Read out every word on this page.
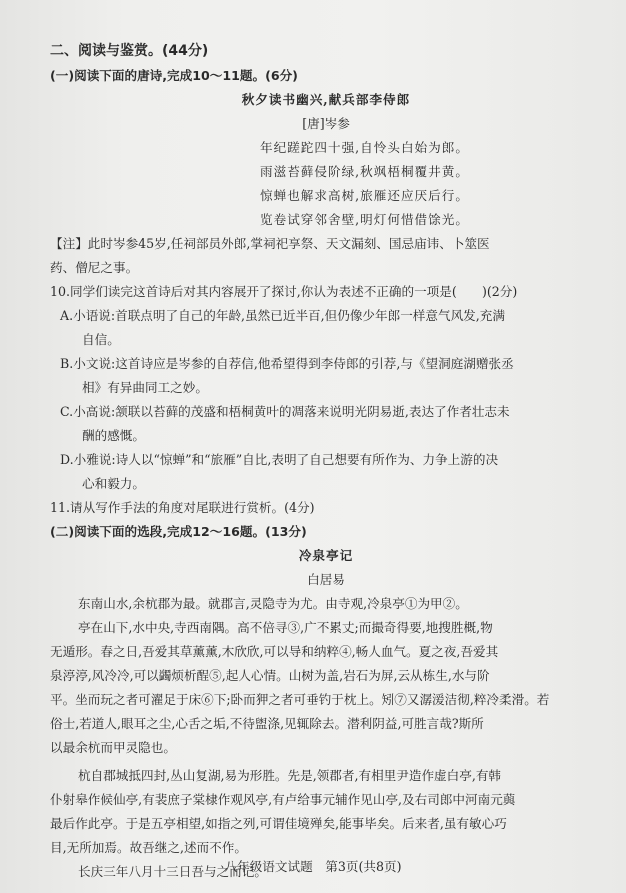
二、阅读与鉴赏。(44分)
(一)阅读下面的唐诗,完成10～11题。(6分)
秋夕读书幽兴,献兵部李侍郎
[唐]岑参
年纪蹉跎四十强,自怜头白始为郎。
雨滋苔藓侵阶绿,秋飒梧桐覆井黄。
惊蝉也解求高树,旅雁还应厌后行。
览卷试穿邻舍壁,明灯何惜借馀光。
【注】此时岑参45岁,任祠部员外郎,掌祠祀享祭、天文漏刻、国忌庙讳、卜筮医
药、僧尼之事。
10.同学们读完这首诗后对其内容展开了探讨,你认为表述不正确的一项是(　　)(2分)
A.小语说:首联点明了自己的年龄,虽然已近半百,但仍像少年郎一样意气风发,充满
自信。
B.小文说:这首诗应是岑参的自荐信,他希望得到李侍郎的引荐,与《望洞庭湖赠张丞
相》有异曲同工之妙。
C.小高说:颔联以苔藓的茂盛和梧桐黄叶的凋落来说明光阴易逝,表达了作者壮志未
酬的感慨。
D.小雅说:诗人以“惊蝉”和“旅雁”自比,表明了自己想要有所作为、力争上游的决
心和毅力。
11.请从写作手法的角度对尾联进行赏析。(4分)
(二)阅读下面的选段,完成12～16题。(13分)
冷泉亭记
白居易
东南山水,余杭郡为最。就郡言,灵隐寺为尤。由寺观,冷泉亭①为甲②。
亭在山下,水中央,寺西南隅。高不倍寻③,广不累丈;而撮奇得要,地搜胜概,物
无遁形。春之日,吾爱其草薰薰,木欣欣,可以导和纳粹④,畅人血气。夏之夜,吾爱其
泉渟渟,风冷冷,可以蠲烦析酲⑤,起人心情。山树为盖,岩石为屏,云从栋生,水与阶
平。坐而玩之者可濯足于床⑥下;卧而狎之者可垂钓于枕上。矧⑦又潺湲洁彻,粹冷柔滑。若
俗士,若道人,眼耳之尘,心舌之垢,不待盥涤,见辄除去。潜利阴益,可胜言哉?斯所
以最余杭而甲灵隐也。
杭自郡城抵四封,丛山复湖,易为形胜。先是,领郡者,有相里尹造作虚白亭,有韩
仆射皋作候仙亭,有裴庶子棠棣作观风亭,有卢给事元辅作见山亭,及右司郎中河南元藇
最后作此亭。于是五亭相望,如指之列,可谓佳境殚矣,能事毕矣。后来者,虽有敏心巧
目,无所加焉。故吾继之,述而不作。
长庆三年八月十三日吾与之而记。
八年级语文试题　第3页(共8页)
